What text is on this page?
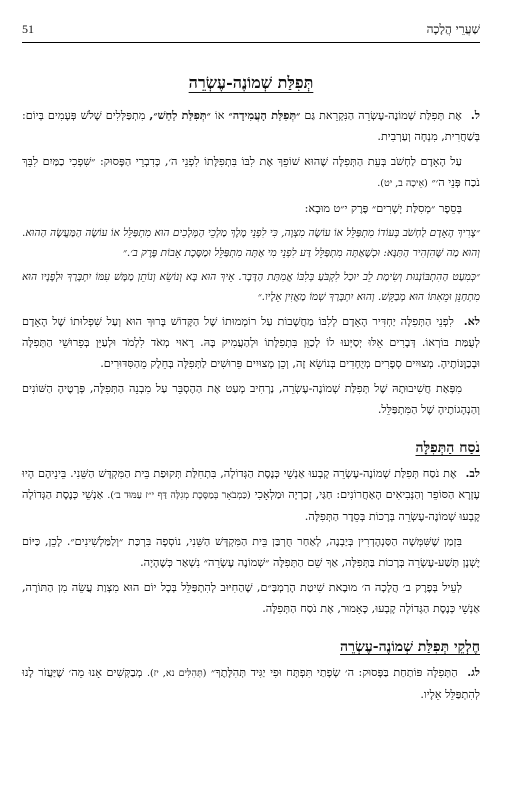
שַׁעֲרֵי הֲלָכָה
51
תְּפִלַּת שְׁמוֹנֶה-עֶשְׂרֵה

ל. אֶת תְּפִלַּת שְׁמוֹנֶה-עֶשְׂרֵה הַנִּקְרֵאת גַּם ״תְּפִלַּת הָעֲמִידָה״ אוֹ ״תְּפִלַּת לַחַשׁ״, מִתְפַּלְּלִים שָׁלֹשׁ פְּעָמִים בְּיוֹם: בְּשַׁחֲרִית, מִנְחָה וְעַרְבִית.

עַל הָאָדָם לַחְשֹׁב בְּעֵת הַתְּפִלָּה שֶׁהוּא שׁוֹפֵךְ אֶת לִבּוֹ בִּתְפִלָּתוֹ לִפְנֵי ה׳, כְּדִבְרֵי הַפָּסוּק: ״שִׁפְכִי כַמַּיִם לִבֵּךְ נֹכַח פְּנֵי ה׳״ (אֵיכָה ב, יט).

בְּסֵפֶר ״מְסִלַּת יְשָׁרִים״ פֶּרֶק י״ט מוּבָא:

״צָרִיךְ הָאָדָם לַחְשֹׁב בְּעוֹדוֹ מִתְפַּלֵּל אוֹ עוֹשֶׂה מִצְוָה, כִּי לִפְנֵי מֶלֶךְ מַלְכֵי הַמְּלָכִים הוּא מִתְפַּלֵּל אוֹ עוֹשֶׂה הַמַּעֲשֶׂה הַהוּא. וְהוּא מַה שֶּׁהִזְהִיר הַתַּנָּא: וּכְשֶׁאַתָּה מִתְפַּלֵּל דַּע לִפְנֵי מִי אַתָּה מִתְפַּלֵּל וּמַסֶּכֶת אָבוֹת פֶּרֶק ב׳.״

״כְּמִעַט הַהִתְבּוֹנְנוּת וְשִׂימַת לֵב יוּכַל לִקְבֹּעַ בְּלִבּוֹ אֲמִתַּת הַדָּבָר. אֵיךְ הוּא בָּא וְנוֹשֵׂא וְנוֹתֵן מַמָּשׁ עִמּוֹ יִתְבָּרַךְ וּלְפָנָיו הוּא מִתְחַנֵּן וּמֵאִתּוֹ הוּא מְבַקֵּשׁ. וְהוּא יִתְבָּרַךְ שְׁמוֹ מַאֲזִין אֵלָיו.״

לא. לִפְנֵי הַתְּפִלָּה יַחְדִּיר הָאָדָם לְלִבּוֹ מַחֲשָׁבוֹת עַל רוֹמְמוּתוֹ שֶׁל הַקָּדוֹשׁ בָּרוּךְ הוּא וְעַל שִׁפְלוּתוֹ שֶׁל הָאָדָם לְעֻמַּת בּוֹרְאוֹ. דְּבָרִים אֵלּוּ יְסַיְּעוּ לוֹ לְכַוֵּן בִּתְפִלָּתוֹ וּלְהַעֲמִיק בָּהּ. רָאוּי מְאֹד לִלְמֹד וּלְעַיֵּן בְּפֵרוּשֵׁי הַתְּפִלָּה וּבְכַוָּנוֹתֶיהָ. מְצוּיִים סְפָרִים מְיֻחָדִים בְּנוֹשֵׂא זֶה, וְכֵן מְצוּיִים פֵּרוּשִׁים לַתְּפִלָּה בְּחֵלֶק מֵהַסִּדּוּרִים.

מִפְּאַת חֲשִׁיבוּתָהּ שֶׁל תְּפִלַּת שְׁמוֹנֶה-עֶשְׂרֵה, נַרְחִיב מְעַט אֶת הַהֶסְבֵּר עַל מִבְנֵה הַתְּפִלָּה, פְּרָטֶיהָ הַשּׁוֹנִים וְהַנְהָגוֹתֶיהָ שֶׁל הַמִּתְפַּלֵּל.

נֹסַח הַתְּפִלָּה

לב. אֶת נֹסַח תְּפִלַּת שְׁמוֹנֶה-עֶשְׂרֵה קָבְעוּ אַנְשֵׁי כְּנֶסֶת הַגְּדוֹלָה, בִּתְחִלַּת תְּקוּפַת בֵּית הַמִּקְדָּשׁ הַשֵּׁנִי. בֵּינֵיהֶם הָיוּ עֶזְרָא הַסּוֹפֵר וְהַנְּבִיאִים הָאַחֲרוֹנִים: חַגַּי, זְכַרְיָה וּמַלְאָכִי (כַּמְבֹאָר בְּמַסֶּכֶת מְגִלָּה דַּף י״ז עַמּוּד ב׳). אַנְשֵׁי כְּנֶסֶת הַגְּדוֹלָה קָבְעוּ שְׁמוֹנֶה-עֶשְׂרֵה בְּרָכוֹת בְּסֵדֶר הַתְּפִלָּה.

בִּזְמַן שֶׁשִּׁמְּשָׁה הַסַּנְהֶדְרִין בְּיַבְנֶה, לְאַחַר חֻרְבַּן בֵּית הַמִּקְדָּשׁ הַשֵּׁנִי, נוֹסְפָה בִּרְכַּת ״וְלַמַּלְשִׁינִים״. לָכֵן, כַּיּוֹם יֶשְׁנָן תְּשַׁע-עֶשְׂרֵה בְּרָכוֹת בַּתְּפִלָּה, אַךְ שֵׁם הַתְּפִלָּה ״שְׁמוֹנֶה עֶשְׂרֵה״ נִשְׁאַר כְּשֶׁהָיָה.

לְעֵיל בְּפֶרֶק ב׳ הֲלָכָה ה׳ מוּבֶאת שִׁיטַת הָרַמְבַּ״ם, שֶׁהַחִיּוּב לְהִתְפַּלֵּל בְּכָל יוֹם הוּא מִצְוַת עֲשֵׂה מִן הַתּוֹרָה, אַנְשֵׁי כְּנֶסֶת הַגְּדוֹלָה קָבְעוּ, כָּאָמוּר, אֶת נֹסַח הַתְּפִלָּה.

חֶלְקֵי תְּפִלַּת שְׁמוֹנֶה-עֶשְׂרֵה

לג. הַתְּפִלָּה פּוֹתַחַת בַּפָּסוּק: ה׳ שְׂפָתַי תִּפְתָּח וּפִי יַגִּיד תְּהִלָּתֶךָ״ (תְּהִלִּים נא, יז). מְבַקְּשִׁים אָנוּ מֵה׳ שֶׁיַּעֲזֹר לָנוּ לְהִתְפַּלֵּל אֵלָיו.
